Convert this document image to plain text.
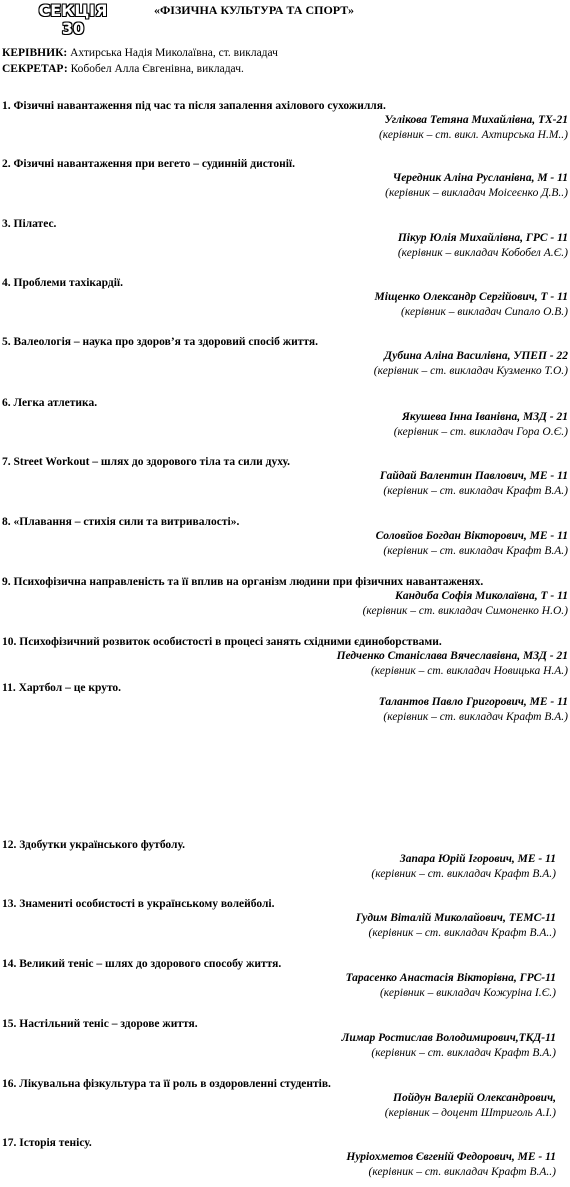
СЕКЦІЯ
30
«ФІЗИЧНА КУЛЬТУРА ТА СПОРТ»
КЕРІВНИК: Ахтирська Надія Миколаївна, ст. викладач
СЕКРЕТАР: Кобобел Алла Євгенівна, викладач.
1. Фізичні навантаження під час та після запалення ахілового сухожилля.
Углікова Тетяна Михайлівна, ТХ-21
(керівник – ст. викл. Ахтирська Н.М..)
2. Фізичні навантаження при вегето – судинній дистонії.
Чередник Аліна Русланівна, М - 11
(керівник – викладач Моісеєнко Д.В..)
3. Пілатес.
Пікур Юлія Михайлівна, ГРС - 11
(керівник – викладач Кобобел А.Є.)
4. Проблеми тахікардії.
Міщенко Олександр Сергійович, Т - 11
(керівник – викладач Сипало О.В.)
5. Валеологія – наука про здоров’я та здоровий спосіб життя.
Дубина Аліна Василівна, УПЕП - 22
(керівник – ст. викладач Кузменко Т.О.)
6. Легка атлетика.
Якушева Інна Іванівна, МЗД - 21
(керівник – ст. викладач Гора О.Є.)
7. Street Workout – шлях до здорового тіла та сили духу.
Гайдай Валентин Павлович, МЕ - 11
(керівник – ст. викладач Крафт В.А.)
8. «Плавання – стихія сили та витривалості».
Соловйов Богдан Вікторович, МЕ - 11
(керівник – ст. викладач Крафт В.А.)
9. Психофізична направленість та її вплив на організм людини при фізичних навантаженях.
Кандиба Софія Миколаївна, Т - 11
(керівник – ст. викладач Симоненко Н.О.)
10. Психофізичний розвиток особистості в процесі занять східними єдиноборствами.
Педченко Станіслава Вячеславівна, МЗД - 21
(керівник – ст. викладач Новицька Н.А.)
11. Хартбол – це круто.
Талантов Павло Григорович, МЕ - 11
(керівник – ст. викладач Крафт В.А.)
12. Здобутки українського футболу.
Запара Юрій Ігорович, МЕ - 11
(керівник – ст. викладач Крафт В.А.)
13. Знамениті особистості в українському волейболі.
Гудим Віталій Миколайович, ТЕМС-11
(керівник – ст. викладач Крафт В.А..)
14. Великий теніс – шлях до здорового способу життя.
Тарасенко Анастасія Вікторівна, ГРС-11
(керівник – викладач Кожурiна І.Є.)
15. Настільний теніс – здорове життя.
Лимар Ростислав Володимирович,ТКД-11
(керівник – ст. викладач Крафт В.А.)
16. Лікувальна фізкультура та її роль в оздоровленні студентів.
Пойдун Валерій Олександрович,
(керівник – доцент Штриголь А.І.)
17. Історія тенісу.
Нуріохметов Євгеній Федорович, МЕ - 11
(керівник – ст. викладач Крафт В.А..)
